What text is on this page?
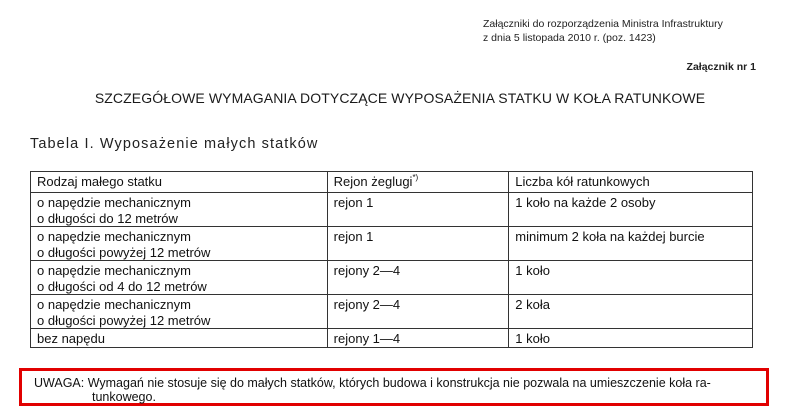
Załączniki do rozporządzenia Ministra Infrastruktury
z dnia 5 listopada 2010 r. (poz. 1423)
Załącznik nr 1
SZCZEGÓŁOWE WYMAGANIA DOTYCZĄCE WYPOSAŻENIA STATKU W KOŁA RATUNKOWE
Tabela I. Wyposażenie małych statków
Rodzaj małego statku	Rejon żeglugi*)	Liczba kół ratunkowych

o napędzie mechanicznym
o długości do 12 metrów	rejon 1	1 koło na każde 2 osoby

o napędzie mechanicznym
o długości powyżej 12 metrów	rejon 1	minimum 2 koła na każdej burcie

o napędzie mechanicznym
o długości od 4 do 12 metrów	rejony 2—4	1 koło

o napędzie mechanicznym
o długości powyżej 12 metrów	rejony 2—4	2 koła
bez napędu	rejony 1—4	1 koło
UWAGA: Wymagań nie stosuje się do małych statków, których budowa i konstrukcja nie pozwala na umieszczenie koła ra-
tunkowego.
